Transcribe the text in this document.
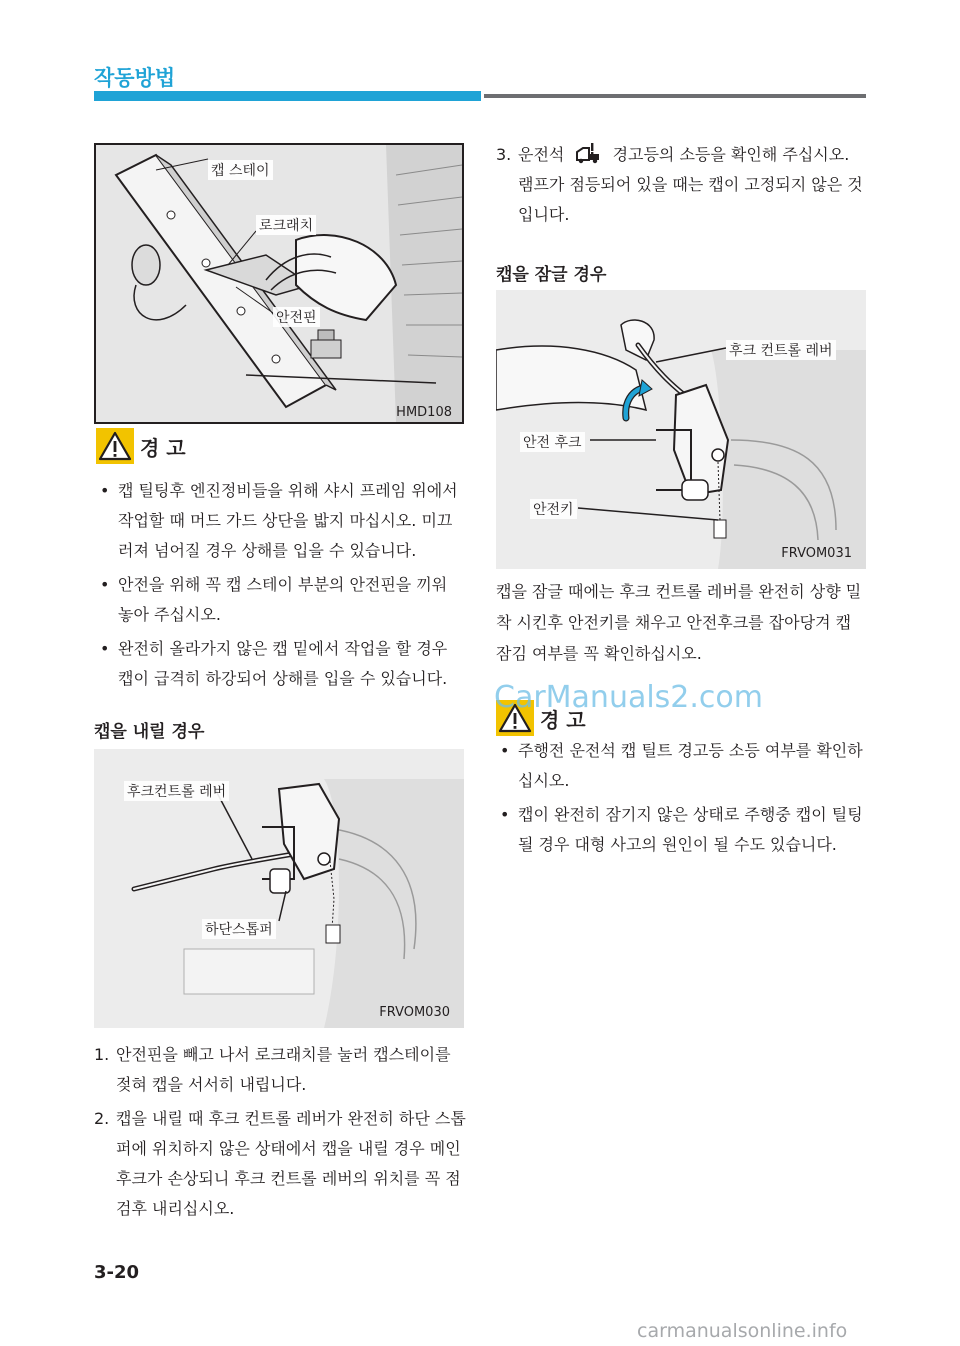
작동방법
캡 스테이
로크래치
안전핀
HMD108
경 고
• 캡 틸팅후 엔진정비들을 위해 샤시 프레임 위에서 작업할 때 머드 가드 상단을 밟지 마십시오. 미끄러져 넘어질 경우 상해를 입을 수 있습니다.
• 안전을 위해 꼭 캡 스테이 부분의 안전핀을 끼워 놓아 주십시오.
• 완전히 올라가지 않은 캡 밑에서 작업을 할 경우 캡이 급격히 하강되어 상해를 입을 수 있습니다.
캡을 내릴 경우
후크컨트롤 레버
하단스톱퍼
FRVOM030
1. 안전핀을 빼고 나서 로크래치를 눌러 캡스테이를 젖혀 캡을 서서히 내립니다.
2. 캡을 내릴 때 후크 컨트롤 레버가 완전히 하단 스톱퍼에 위치하지 않은 상태에서 캡을 내릴 경우 메인 후크가 손상되니 후크 컨트롤 레버의 위치를 꼭 점검후 내리십시오.
3. 운전석	경고등의 소등을 확인해 주십시오. 램프가 점등되어 있을 때는 캡이 고정되지 않은 것입니다.
캡을 잠글 경우
후크 컨트롤 레버
안전 후크
안전키
FRVOM031
캡을 잠글 때에는 후크 컨트롤 레버를 완전히 상향 밀착 시킨후 안전키를 채우고 안전후크를 잡아당겨 캡 잠김 여부를 꼭 확인하십시오.
경 고
• 주행전 운전석 캡 틸트 경고등 소등 여부를 확인하십시오.
• 캡이 완전히 잠기지 않은 상태로 주행중 캡이 틸팅될 경우 대형 사고의 원인이 될 수도 있습니다.
CarManuals2.com
3-20
carmanualsonline.info
